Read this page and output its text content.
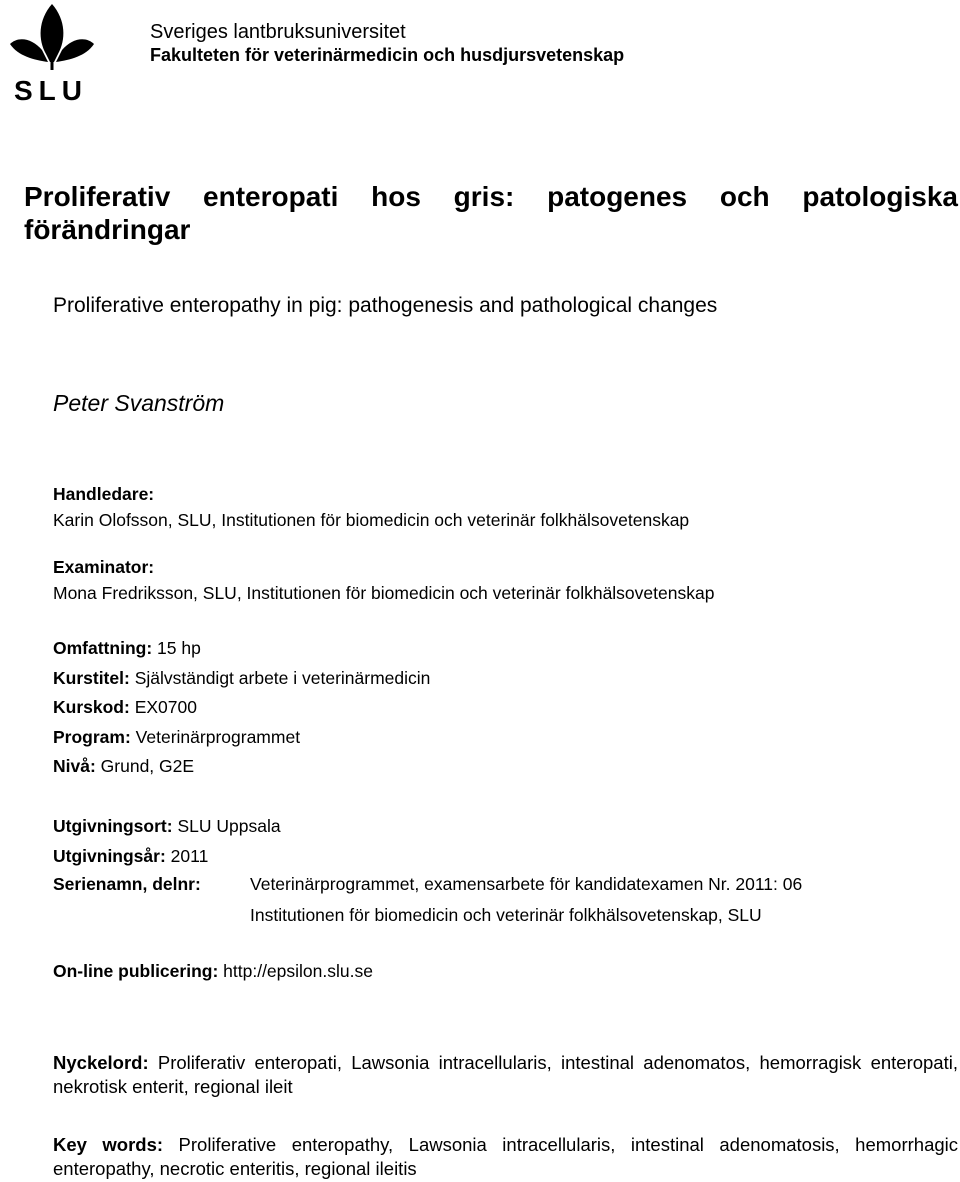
SLU
Sveriges lantbruksuniversitet
Fakulteten för veterinärmedicin och husdjursvetenskap
Proliferativ enteropati hos gris: patogenes och patologiska förändringar
Proliferative enteropathy in pig: pathogenesis and pathological changes
Peter Svanström
Handledare:
Karin Olofsson, SLU, Institutionen för biomedicin och veterinär folkhälsovetenskap
Examinator:
Mona Fredriksson, SLU, Institutionen för biomedicin och veterinär folkhälsovetenskap
Omfattning: 15 hp
Kurstitel: Självständigt arbete i veterinärmedicin
Kurskod: EX0700
Program: Veterinärprogrammet
Nivå: Grund, G2E
Utgivningsort: SLU Uppsala
Utgivningsår: 2011
Serienamn, delnr:	Veterinärprogrammet, examensarbete för kandidatexamen Nr. 2011: 06
Institutionen för biomedicin och veterinär folkhälsovetenskap, SLU
On-line publicering: http://epsilon.slu.se
Nyckelord: Proliferativ enteropati, Lawsonia intracellularis, intestinal adenomatos, hemorragisk enteropati, nekrotisk enterit, regional ileit
Key words: Proliferative enteropathy, Lawsonia intracellularis, intestinal adenomatosis, hemorrhagic enteropathy, necrotic enteritis, regional ileitis
